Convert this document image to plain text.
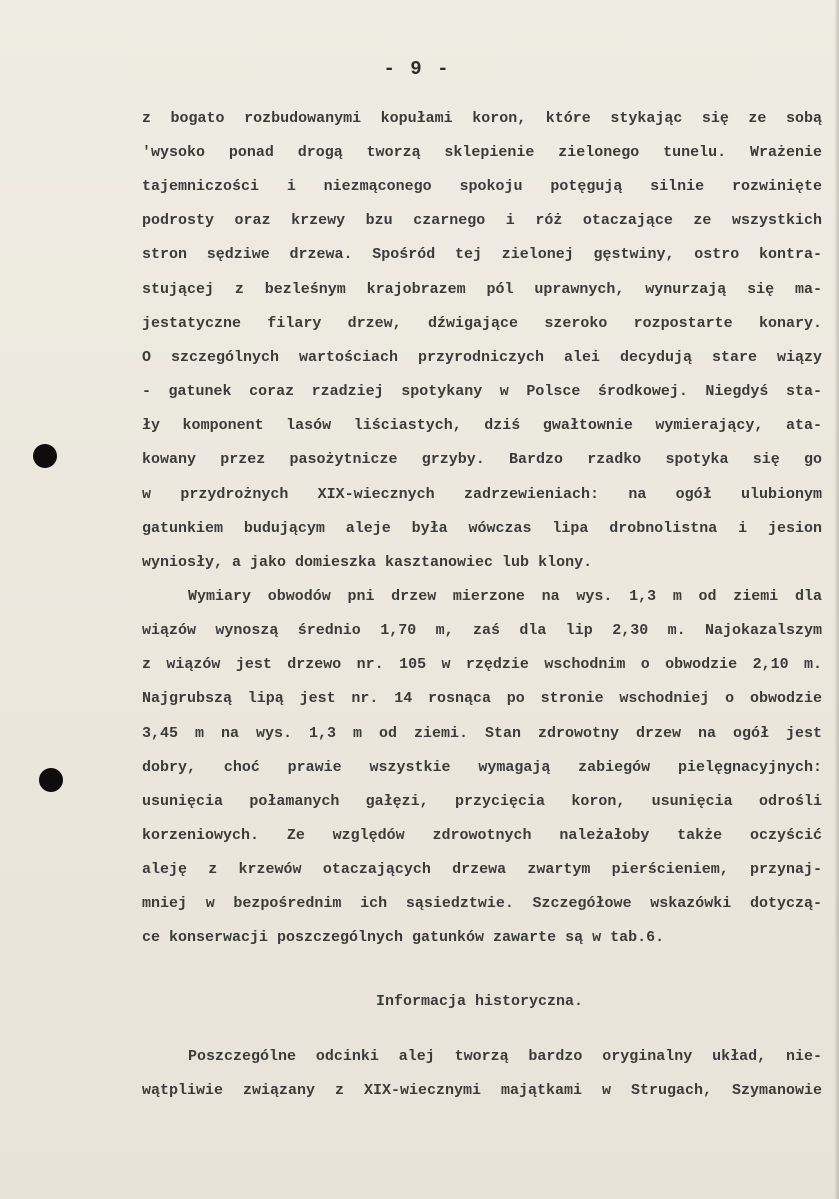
- 9 -
z bogato rozbudowanymi kopułami koron, które stykając się ze sobą
'wysoko ponad drogą tworzą sklepienie zielonego tunelu. Wrażenie
tajemniczości i niezmąconego spokoju potęgują silnie rozwinięte
podrosty oraz krzewy bzu czarnego i róż otaczające ze wszystkich
stron sędziwe drzewa. Spośród tej zielonej gęstwiny, ostro kontra-
stującej z bezleśnym krajobrazem pól uprawnych, wynurzają się ma-
jestatyczne filary drzew, dźwigające szeroko rozpostarte konary.
O szczególnych wartościach przyrodniczych alei decydują stare wiązy
- gatunek coraz rzadziej spotykany w Polsce środkowej. Niegdyś sta-
ły komponent lasów liściastych, dziś gwałtownie wymierający, ata-
kowany przez pasożytnicze grzyby. Bardzo rzadko spotyka się go
w przydrożnych XIX-wiecznych zadrzewieniach: na ogół ulubionym
gatunkiem budującym aleje była wówczas lipa drobnolistna i jesion
wyniosły, a jako domieszka kasztanowiec lub klony.
Wymiary obwodów pni drzew mierzone na wys. 1,3 m od ziemi dla
wiązów wynoszą średnio 1,70 m, zaś dla lip 2,30 m. Najokazalszym
z wiązów jest drzewo nr. 105 w rzędzie wschodnim o obwodzie 2,10 m.
Najgrubszą lipą jest nr. 14 rosnąca po stronie wschodniej o obwodzie
3,45 m na wys. 1,3 m od ziemi. Stan zdrowotny drzew na ogół jest
dobry, choć prawie wszystkie wymagają zabiegów pielęgnacyjnych:
usunięcia połamanych gałęzi, przycięcia koron, usunięcia odrośli
korzeniowych. Ze względów zdrowotnych należałoby także oczyścić
aleję z krzewów otaczających drzewa zwartym pierścieniem, przynaj-
mniej w bezpośrednim ich sąsiedztwie. Szczegółowe wskazówki dotyczą-
ce konserwacji poszczególnych gatunków zawarte są w tab.6.
Informacja historyczna.
Poszczególne odcinki alej tworzą bardzo oryginalny układ, nie-
wątpliwie związany z XIX-wiecznymi majątkami w Strugach, Szymanowie
